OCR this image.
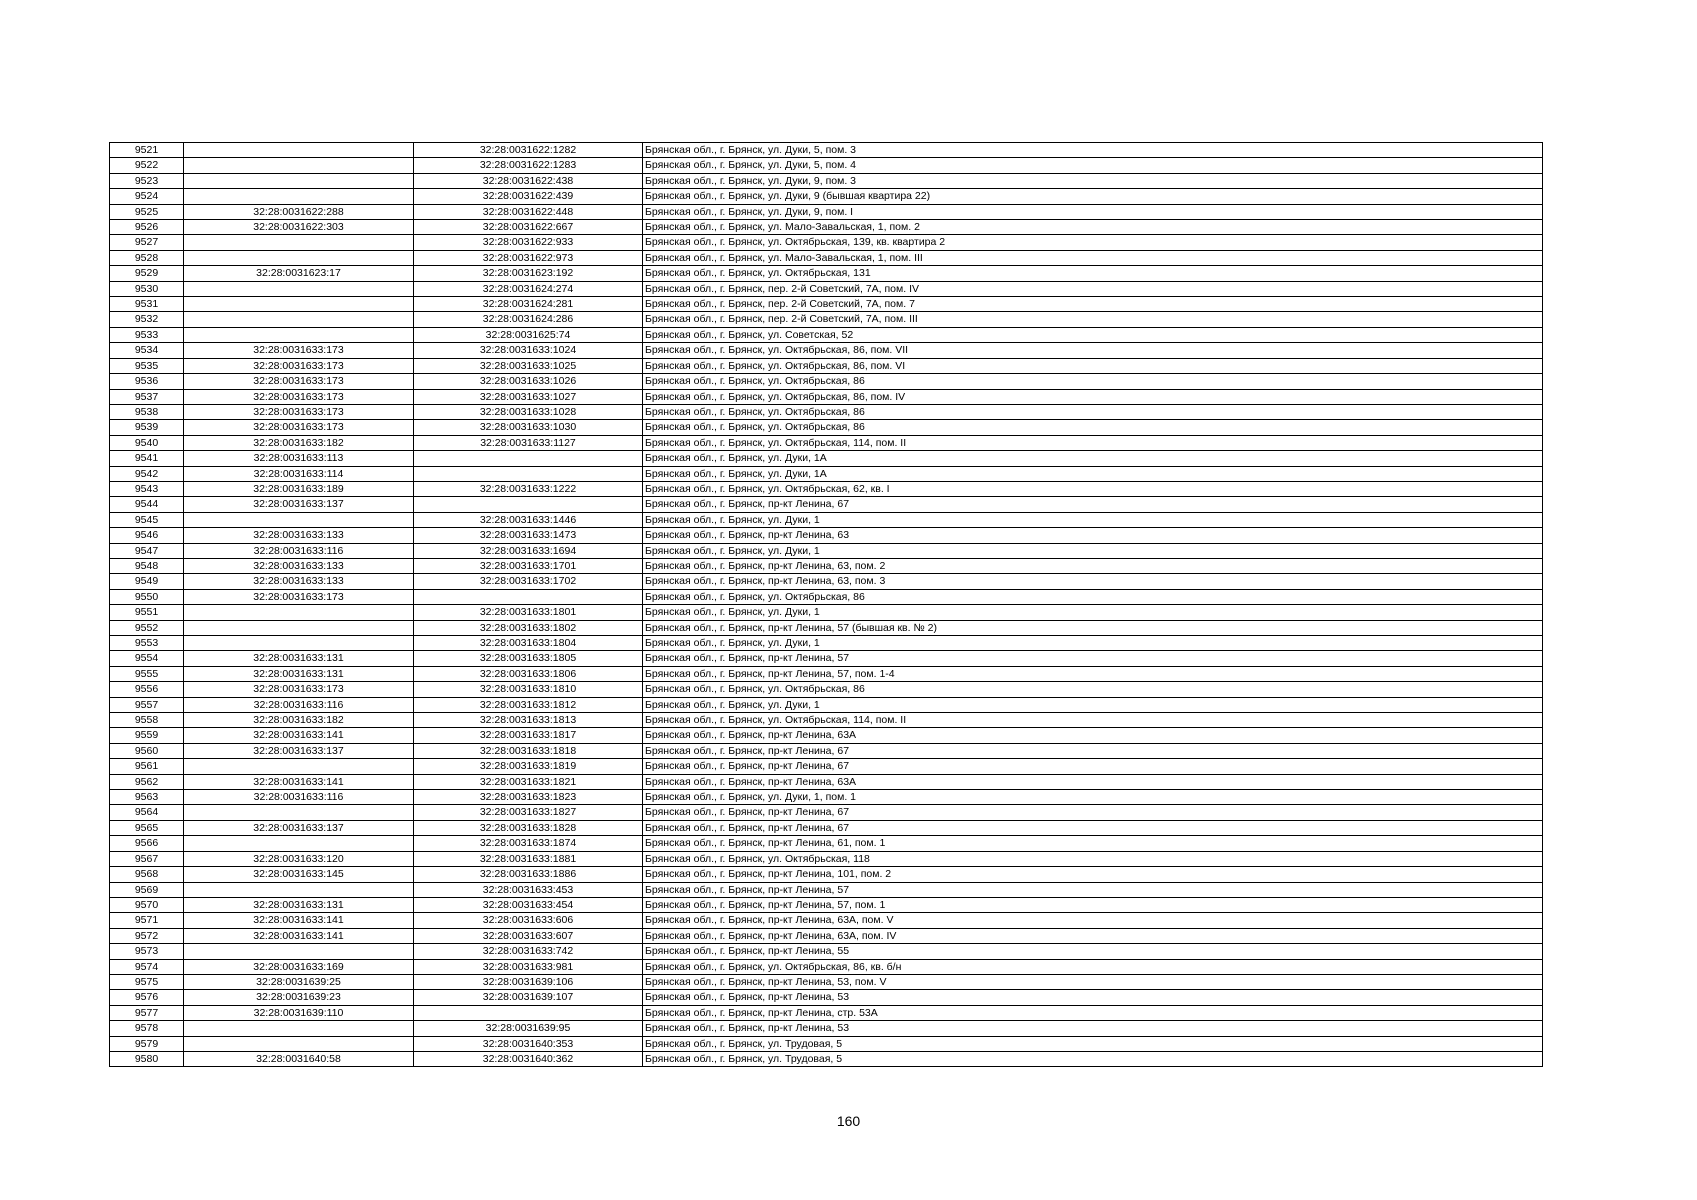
9521		32:28:0031622:1282	Брянская обл., г. Брянск, ул. Дуки, 5, пом. 3
9522		32:28:0031622:1283	Брянская обл., г. Брянск, ул. Дуки, 5, пом. 4
9523		32:28:0031622:438	Брянская обл., г. Брянск, ул. Дуки, 9, пом. 3
9524		32:28:0031622:439	Брянская обл., г. Брянск, ул. Дуки, 9 (бывшая квартира 22)
9525	32:28:0031622:288	32:28:0031622:448	Брянская обл., г. Брянск, ул. Дуки, 9, пом. I
9526	32:28:0031622:303	32:28:0031622:667	Брянская обл., г. Брянск, ул. Мало-Завальская, 1, пом. 2
9527		32:28:0031622:933	Брянская обл., г. Брянск, ул. Октябрьская, 139, кв. квартира 2
9528		32:28:0031622:973	Брянская обл., г. Брянск, ул. Мало-Завальская, 1, пом. III
9529	32:28:0031623:17	32:28:0031623:192	Брянская обл., г. Брянск, ул. Октябрьская, 131
9530		32:28:0031624:274	Брянская обл., г. Брянск, пер. 2-й Советский, 7А, пом. IV
9531		32:28:0031624:281	Брянская обл., г. Брянск, пер. 2-й Советский, 7А, пом. 7
9532		32:28:0031624:286	Брянская обл., г. Брянск, пер. 2-й Советский, 7А, пом. III
9533		32:28:0031625:74	Брянская обл., г. Брянск, ул. Советская, 52
9534	32:28:0031633:173	32:28:0031633:1024	Брянская обл., г. Брянск, ул. Октябрьская, 86, пом. VII
9535	32:28:0031633:173	32:28:0031633:1025	Брянская обл., г. Брянск, ул. Октябрьская, 86, пом. VI
9536	32:28:0031633:173	32:28:0031633:1026	Брянская обл., г. Брянск, ул. Октябрьская, 86
9537	32:28:0031633:173	32:28:0031633:1027	Брянская обл., г. Брянск, ул. Октябрьская, 86, пом. IV
9538	32:28:0031633:173	32:28:0031633:1028	Брянская обл., г. Брянск, ул. Октябрьская, 86
9539	32:28:0031633:173	32:28:0031633:1030	Брянская обл., г. Брянск, ул. Октябрьская, 86
9540	32:28:0031633:182	32:28:0031633:1127	Брянская обл., г. Брянск, ул. Октябрьская, 114, пом. II
9541	32:28:0031633:113		Брянская обл., г. Брянск, ул. Дуки, 1А
9542	32:28:0031633:114		Брянская обл., г. Брянск, ул. Дуки, 1А
9543	32:28:0031633:189	32:28:0031633:1222	Брянская обл., г. Брянск, ул. Октябрьская, 62, кв. I
9544	32:28:0031633:137		Брянская обл., г. Брянск, пр-кт Ленина, 67
9545		32:28:0031633:1446	Брянская обл., г. Брянск, ул. Дуки, 1
9546	32:28:0031633:133	32:28:0031633:1473	Брянская обл., г. Брянск, пр-кт Ленина, 63
9547	32:28:0031633:116	32:28:0031633:1694	Брянская обл., г. Брянск, ул. Дуки, 1
9548	32:28:0031633:133	32:28:0031633:1701	Брянская обл., г. Брянск, пр-кт Ленина, 63, пом. 2
9549	32:28:0031633:133	32:28:0031633:1702	Брянская обл., г. Брянск, пр-кт Ленина, 63, пом. 3
9550	32:28:0031633:173		Брянская обл., г. Брянск, ул. Октябрьская, 86
9551		32:28:0031633:1801	Брянская обл., г. Брянск, ул. Дуки, 1
9552		32:28:0031633:1802	Брянская обл., г. Брянск, пр-кт Ленина, 57 (бывшая кв. № 2)
9553		32:28:0031633:1804	Брянская обл., г. Брянск, ул. Дуки, 1
9554	32:28:0031633:131	32:28:0031633:1805	Брянская обл., г. Брянск, пр-кт Ленина, 57
9555	32:28:0031633:131	32:28:0031633:1806	Брянская обл., г. Брянск, пр-кт Ленина, 57, пом. 1-4
9556	32:28:0031633:173	32:28:0031633:1810	Брянская обл., г. Брянск, ул. Октябрьская, 86
9557	32:28:0031633:116	32:28:0031633:1812	Брянская обл., г. Брянск, ул. Дуки, 1
9558	32:28:0031633:182	32:28:0031633:1813	Брянская обл., г. Брянск, ул. Октябрьская, 114, пом. II
9559	32:28:0031633:141	32:28:0031633:1817	Брянская обл., г. Брянск, пр-кт Ленина, 63А
9560	32:28:0031633:137	32:28:0031633:1818	Брянская обл., г. Брянск, пр-кт Ленина, 67
9561		32:28:0031633:1819	Брянская обл., г. Брянск, пр-кт Ленина, 67
9562	32:28:0031633:141	32:28:0031633:1821	Брянская обл., г. Брянск, пр-кт Ленина, 63А
9563	32:28:0031633:116	32:28:0031633:1823	Брянская обл., г. Брянск, ул. Дуки, 1, пом. 1
9564		32:28:0031633:1827	Брянская обл., г. Брянск, пр-кт Ленина, 67
9565	32:28:0031633:137	32:28:0031633:1828	Брянская обл., г. Брянск, пр-кт Ленина, 67
9566		32:28:0031633:1874	Брянская обл., г. Брянск, пр-кт Ленина, 61, пом. 1
9567	32:28:0031633:120	32:28:0031633:1881	Брянская обл., г. Брянск, ул. Октябрьская, 118
9568	32:28:0031633:145	32:28:0031633:1886	Брянская обл., г. Брянск, пр-кт Ленина, 101, пом. 2
9569		32:28:0031633:453	Брянская обл., г. Брянск, пр-кт Ленина, 57
9570	32:28:0031633:131	32:28:0031633:454	Брянская обл., г. Брянск, пр-кт Ленина, 57, пом. 1
9571	32:28:0031633:141	32:28:0031633:606	Брянская обл., г. Брянск, пр-кт Ленина, 63А, пом. V
9572	32:28:0031633:141	32:28:0031633:607	Брянская обл., г. Брянск, пр-кт Ленина, 63А, пом. IV
9573		32:28:0031633:742	Брянская обл., г. Брянск, пр-кт Ленина, 55
9574	32:28:0031633:169	32:28:0031633:981	Брянская обл., г. Брянск, ул. Октябрьская, 86, кв. б/н
9575	32:28:0031639:25	32:28:0031639:106	Брянская обл., г. Брянск, пр-кт Ленина, 53, пом. V
9576	32:28:0031639:23	32:28:0031639:107	Брянская обл., г. Брянск, пр-кт Ленина, 53
9577	32:28:0031639:110		Брянская обл., г. Брянск, пр-кт Ленина, стр. 53А
9578		32:28:0031639:95	Брянская обл., г. Брянск, пр-кт Ленина, 53
9579		32:28:0031640:353	Брянская обл., г. Брянск, ул. Трудовая, 5
9580	32:28:0031640:58	32:28:0031640:362	Брянская обл., г. Брянск, ул. Трудовая, 5
160
